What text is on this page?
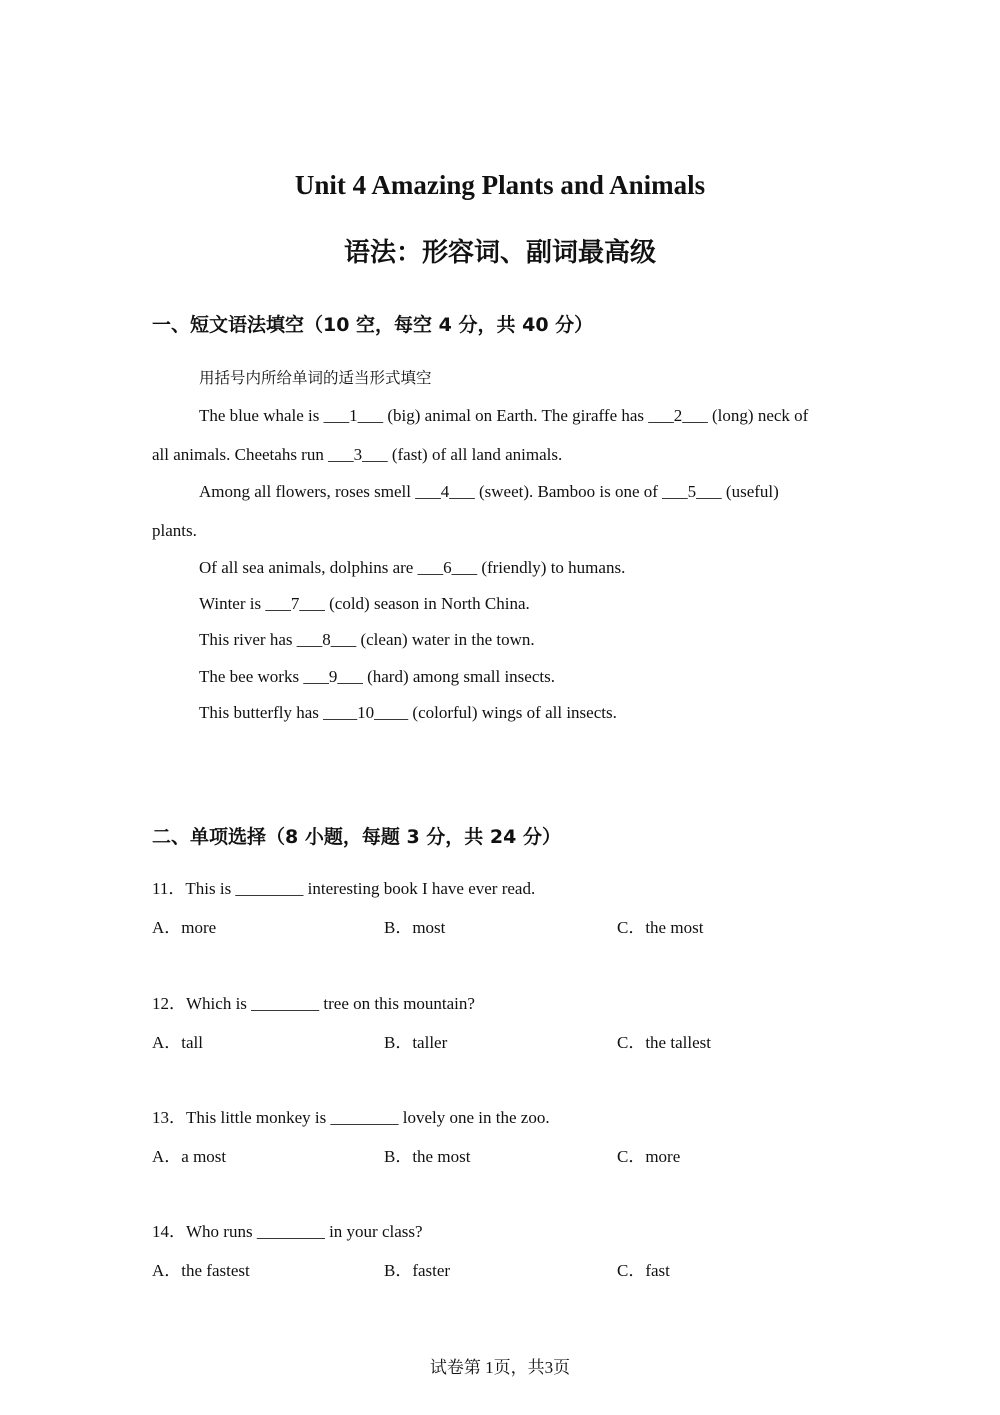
Unit 4 Amazing Plants and Animals
语法：形容词、副词最高级
一、短文语法填空（10 空，每空 4 分，共 40 分）
用括号内所给单词的适当形式填空
The blue whale is ___1___ (big) animal on Earth. The giraffe has ___2___ (long) neck of
all animals. Cheetahs run ___3___ (fast) of all land animals.
Among all flowers, roses smell ___4___ (sweet). Bamboo is one of ___5___ (useful)
plants.
Of all sea animals, dolphins are ___6___ (friendly) to humans.
Winter is ___7___ (cold) season in North China.
This river has ___8___ (clean) water in the town.
The bee works ___9___ (hard) among small insects.
This butterfly has ____10____ (colorful) wings of all insects.
二、单项选择（8 小题，每题 3 分，共 24 分）
11．This is ________ interesting book I have ever read.
A．more	B．most	C．the most
12．Which is ________ tree on this mountain?
A．tall	B．taller	C．the tallest
13．This little monkey is ________ lovely one in the zoo.
A．a most	B．the most	C．more
14．Who runs ________ in your class?
A．the fastest	B．faster	C．fast
试卷第 1页，共3页
